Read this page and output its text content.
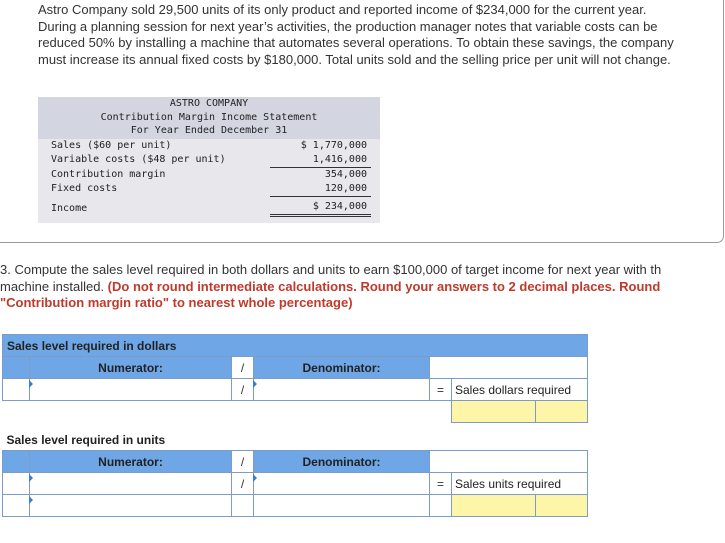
Astro Company sold 29,500 units of its only product and reported income of $234,000 for the current year. During a planning session for next year’s activities, the production manager notes that variable costs can be reduced 50% by installing a machine that automates several operations. To obtain these savings, the company must increase its annual fixed costs by $180,000. Total units sold and the selling price per unit will not change.
ASTRO COMPANY
Contribution Margin Income Statement
For Year Ended December 31
Sales ($60 per unit)	$ 1,770,000
Variable costs ($48 per unit)	1,416,000
Contribution margin	354,000
Fixed costs	120,000
Income	$ 234,000
3. Compute the sales level required in both dollars and units to earn $100,000 of target income for next year with th
machine installed. (Do not round intermediate calculations. Round your answers to 2 decimal places. Round
"Contribution margin ratio" to nearest whole percentage)
Sales level required in dollars						
	Numerator:	/	Denominator:			

	/		=	Sales dollars required	

Sales level required in units						
	Numerator:	/	Denominator:			

	/		=	Sales units required	
